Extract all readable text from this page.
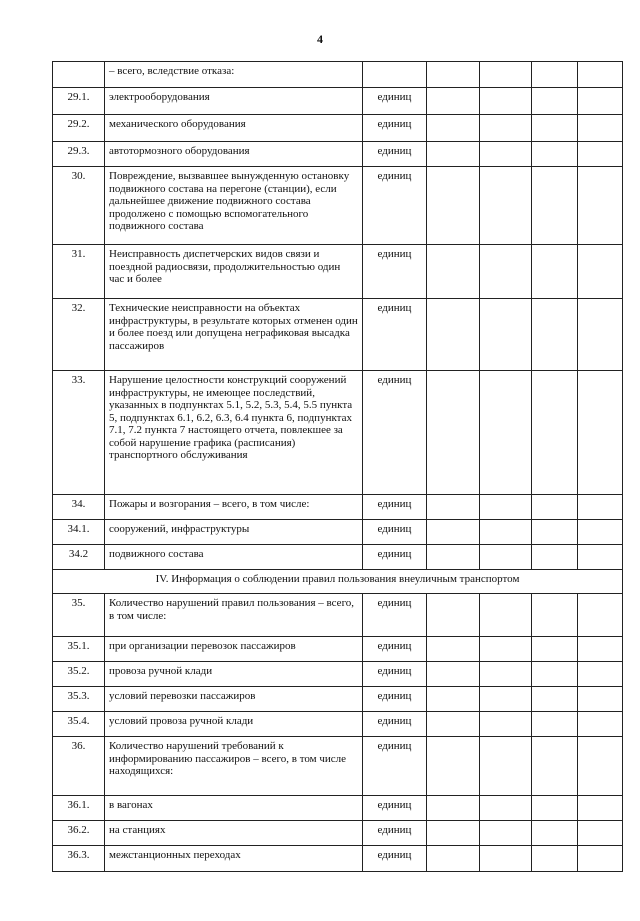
4
	– всего, вследствие отказа:					
29.1.	электрооборудования	единиц				
29.2.	механического оборудования	единиц				
29.3.	автотормозного оборудования	единиц				
30.	Повреждение, вызвавшее вынужденную остановку подвижного состава на перегоне (станции), если дальнейшее движение подвижного состава продолжено с помощью вспомогательного подвижного состава	единиц				
31.	Неисправность диспетчерских видов связи и поездной радиосвязи, продолжительностью один час и более	единиц				
32.	Технические неисправности на объектах инфраструктуры, в результате которых отменен один и более поезд или допущена неграфиковая высадка пассажиров	единиц				
33.	Нарушение целостности конструкций сооружений инфраструктуры, не имеющее последствий, указанных в подпунктах 5.1, 5.2, 5.3, 5.4, 5.5 пункта 5, подпунктах 6.1, 6.2, 6.3, 6.4 пункта 6, подпунктах 7.1, 7.2 пункта 7 настоящего отчета, повлекшее за собой нарушение графика (расписания) транспортного обслуживания	единиц				
34.	Пожары и возгорания – всего, в том числе:	единиц				
34.1.	сооружений, инфраструктуры	единиц				
34.2	подвижного состава	единиц				
IV. Информация о соблюдении правил пользования внеуличным транспортом						
35.	Количество нарушений правил пользования – всего, в том числе:	единиц				
35.1.	при организации перевозок пассажиров	единиц				
35.2.	провоза ручной клади	единиц				
35.3.	условий перевозки пассажиров	единиц				
35.4.	условий провоза ручной клади	единиц				
36.	Количество нарушений требований к информированию пассажиров – всего, в том числе находящихся:	единиц				
36.1.	в вагонах	единиц				
36.2.	на станциях	единиц				
36.3.	межстанционных переходах	единиц				
